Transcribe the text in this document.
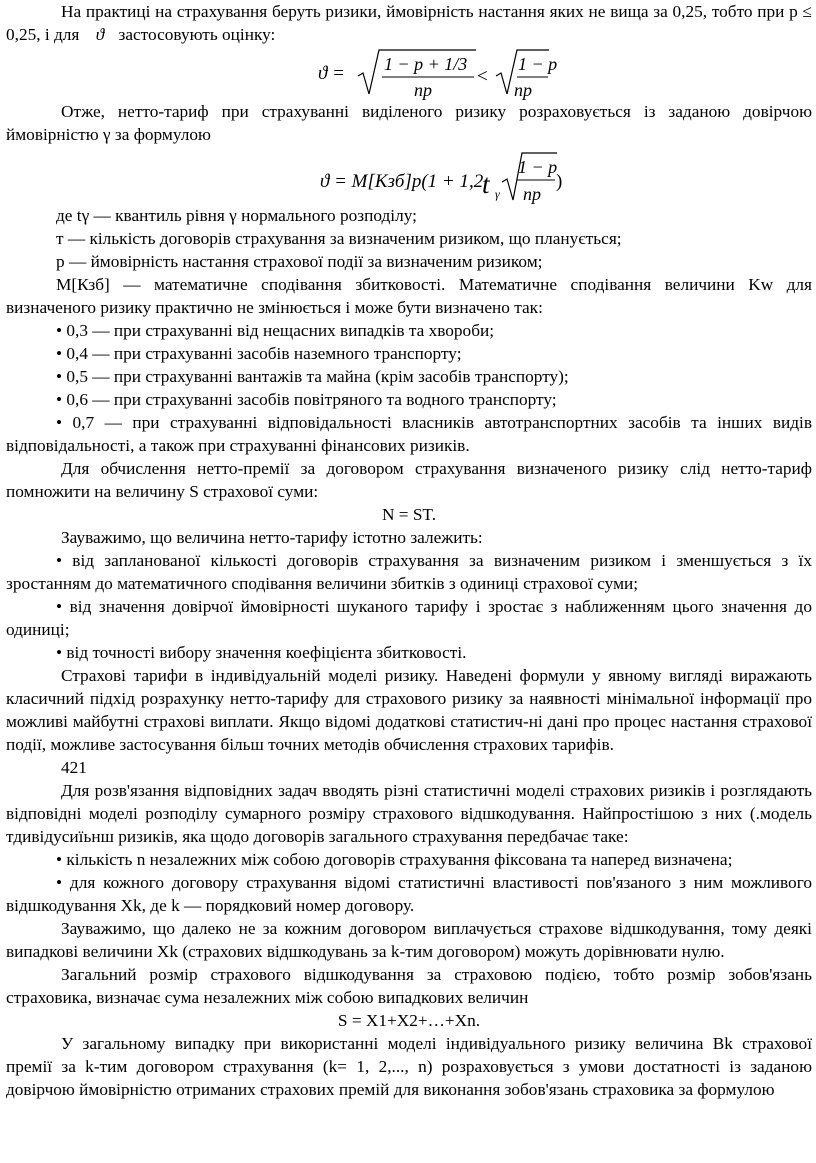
На практиці на страхування беруть ризики, ймовірність настання яких не вища за 0,25, тобто при р ≤ 0,25, і для ϑ застосовують оцінку:

ϑ = 1 − p + 1/3
np
<
1 − p
np

Отже, нетто-тариф при страхуванні виділеного ризику розраховується із заданою довірчою ймовірністю γ за формулою

ϑ = M[Кзб]p(1 + 1,2
t γ
1 − p
np
)

де tγ — квантиль рівня γ нормального розподілу;

т — кількість договорів страхування за визначеним ризиком, що планується;

р — ймовірність настання страхової події за визначеним ризиком;

М[Кзб] — математичне сподівання збитковості. Математичне сподівання величини Kw для визначеного ризику практично не змінюється і може бути визначено так:

• 0,3 — при страхуванні від нещасних випадків та хвороби;

• 0,4 — при страхуванні засобів наземного транспорту;

• 0,5 — при страхуванні вантажів та майна (крім засобів транспорту);

• 0,6 — при страхуванні засобів повітряного та водного транспорту;

• 0,7 — при страхуванні відповідальності власників автотранспортних засобів та інших видів відповідальності, а також при страхуванні фінансових ризиків.

Для обчислення нетто-премії за договором страхування визначеного ризику слід нетто-тариф помножити на величину S страхової суми:

N = ST.

Зауважимо, що величина нетто-тарифу істотно залежить:

• від запланованої кількості договорів страхування за визначеним ризиком і зменшується з їх зростанням до математичного сподівання величини збитків з одиниці страхової суми;

• від значення довірчої ймовірності шуканого тарифу і зростає з наближенням цього значення до одиниці;

• від точності вибору значення коефіцієнта збитковості.

Страхові тарифи в індивідуальній моделі ризику. Наведені формули у явному вигляді виражають класичний підхід розрахунку нетто-тарифу для страхового ризику за наявності мінімальної інформації про можливі майбутні страхові виплати. Якщо відомі додаткові статистич-ні дані про процес настання страхової події, можливе застосування більш точних методів обчислення страхових тарифів.

421

Для розв'язання відповідних задач вводять різні статистичні моделі страхових ризиків і розглядають відповідні моделі розподілу сумарного розміру страхового відшкодування. Найпростішою з них (.модель тдивідусиїьнш ризиків, яка щодо договорів загального страхування передбачає таке:

• кількість n незалежних між собою договорів страхування фіксована та наперед визначена;

• для кожного договору страхування відомі статистичні властивості пов'язаного з ним можливого відшкодування Xk, де k — порядковий номер договору.

Зауважимо, що далеко не за кожним договором виплачується страхове відшкодування, тому деякі випадкові величини Xk (страхових відшкодувань за k-тим договором) можуть дорівнювати нулю.

Загальний розмір страхового відшкодування за страховою подією, тобто розмір зобов'язань страховика, визначає сума незалежних між собою випадкових величин

S = X1+X2+…+Xn.

У загальному випадку при використанні моделі індивідуального ризику величина Bk страхової премії за k-тим договором страхування (k= 1, 2,..., n) розраховується з умови достатності із заданою довірчою ймовірністю отриманих страхових премій для виконання зобов'язань страховика за формулою
